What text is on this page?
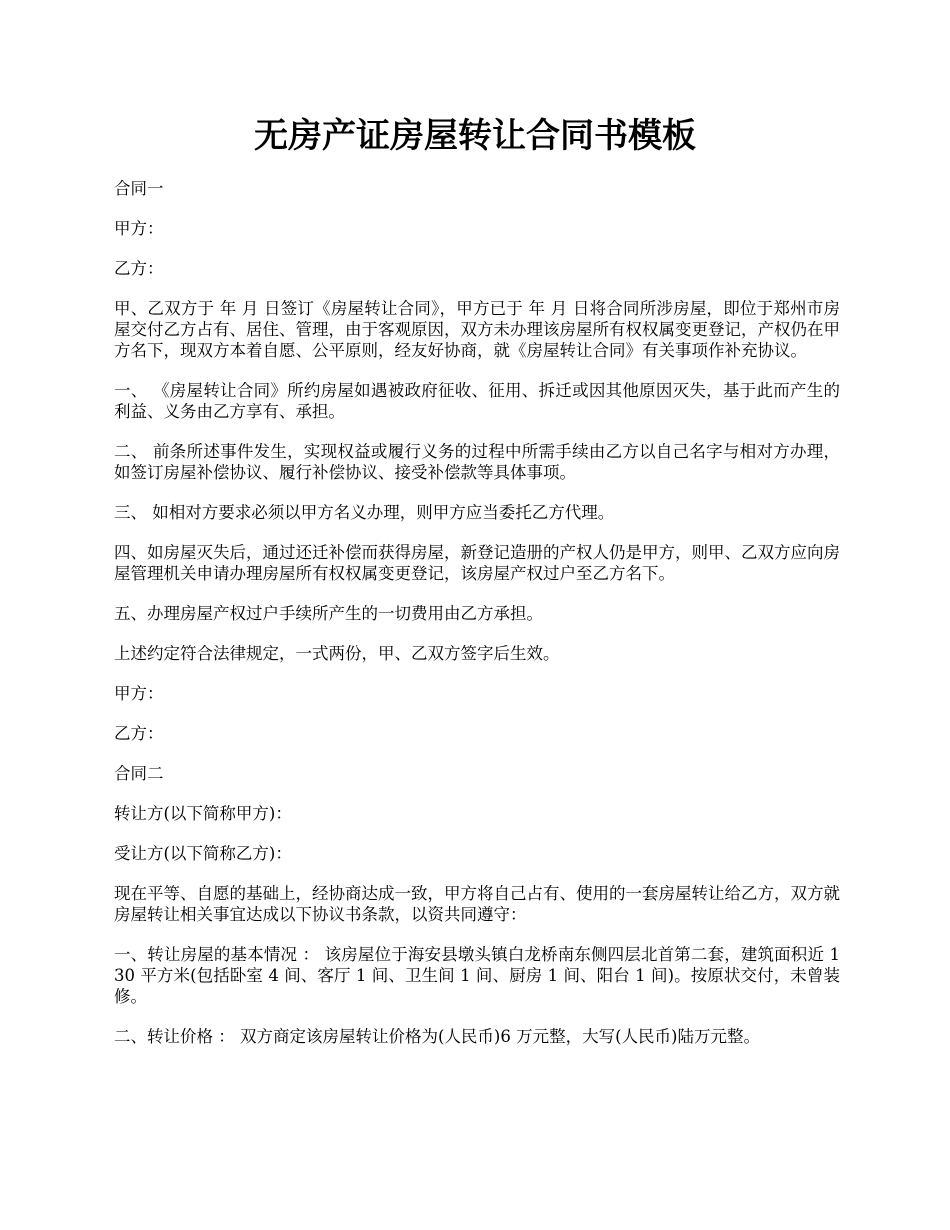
无房产证房屋转让合同书模板

合同一

甲方：

乙方：

甲、乙双方于 年 月 日签订《房屋转让合同》，甲方已于 年 月 日将合同所涉房屋，即位于郑州市房屋交付乙方占有、居住、管理，由于客观原因，双方未办理该房屋所有权权属变更登记，产权仍在甲方名下，现双方本着自愿、公平原则，经友好协商，就《房屋转让合同》有关事项作补充协议。

一、 《房屋转让合同》所约房屋如遇被政府征收、征用、拆迁或因其他原因灭失，基于此而产生的利益、义务由乙方享有、承担。

二、 前条所述事件发生，实现权益或履行义务的过程中所需手续由乙方以自己名字与相对方办理，如签订房屋补偿协议、履行补偿协议、接受补偿款等具体事项。

三、 如相对方要求必须以甲方名义办理，则甲方应当委托乙方代理。

四、如房屋灭失后，通过还迁补偿而获得房屋，新登记造册的产权人仍是甲方，则甲、乙双方应向房屋管理机关申请办理房屋所有权权属变更登记，该房屋产权过户至乙方名下。

五、办理房屋产权过户手续所产生的一切费用由乙方承担。

上述约定符合法律规定，一式两份，甲、乙双方签字后生效。

甲方：

乙方：

合同二

转让方(以下简称甲方)：

受让方(以下简称乙方)：

现在平等、自愿的基础上，经协商达成一致，甲方将自己占有、使用的一套房屋转让给乙方，双方就房屋转让相关事宜达成以下协议书条款，以资共同遵守：

一、转让房屋的基本情况 ： 该房屋位于海安县墩头镇白龙桥南东侧四层北首第二套，建筑面积近 130 平方米(包括卧室 4 间、客厅 1 间、卫生间 1 间、厨房 1 间、阳台 1 间)。按原状交付，未曾装修。

二、转让价格 ： 双方商定该房屋转让价格为(人民币)6 万元整，大写(人民币)陆万元整。
